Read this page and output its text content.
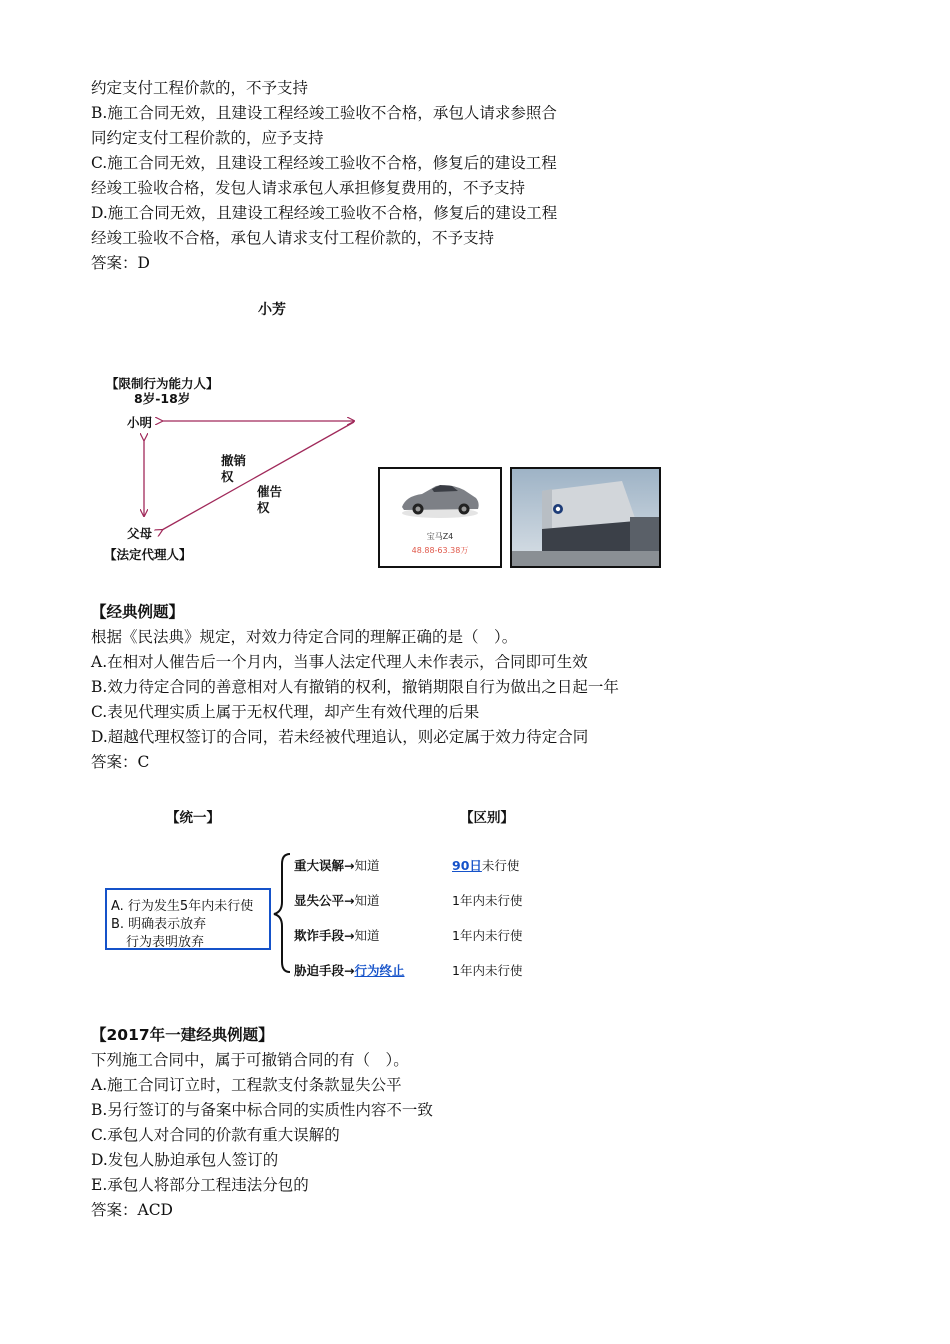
约定支付工程价款的，不予支持
B.施工合同无效，且建设工程经竣工验收不合格，承包人请求参照合
同约定支付工程价款的，应予支持
C.施工合同无效，且建设工程经竣工验收不合格，修复后的建设工程
经竣工验收合格，发包人请求承包人承担修复费用的，不予支持
D.施工合同无效，且建设工程经竣工验收不合格，修复后的建设工程
经竣工验收不合格，承包人请求支付工程价款的，不予支持
答案：D
小芳
【限制行为能力人】
8岁-18岁
小明
父母
【法定代理人】
撤销
权
催告
权
宝马Z4
48.88-63.38万
【经典例题】
根据《民法典》规定，对效力待定合同的理解正确的是（　）。
A.在相对人催告后一个月内，当事人法定代理人未作表示，合同即可生效
B.效力待定合同的善意相对人有撤销的权利，撤销期限自行为做出之日起一年
C.表见代理实质上属于无权代理，却产生有效代理的后果
D.超越代理权签订的合同，若未经被代理追认，则必定属于效力待定合同
答案：C
【统一】	【区别】
A. 行为发生5年内未行使
B. 明确表示放弃
行为表明放弃
重大误解→知道	90日未行使
显失公平→知道	1年内未行使
欺诈手段→知道	1年内未行使
胁迫手段→行为终止	1年内未行使
【2017年一建经典例题】
下列施工合同中，属于可撤销合同的有（　）。
A.施工合同订立时，工程款支付条款显失公平
B.另行签订的与备案中标合同的实质性内容不一致
C.承包人对合同的价款有重大误解的
D.发包人胁迫承包人签订的
E.承包人将部分工程违法分包的
答案：ACD
